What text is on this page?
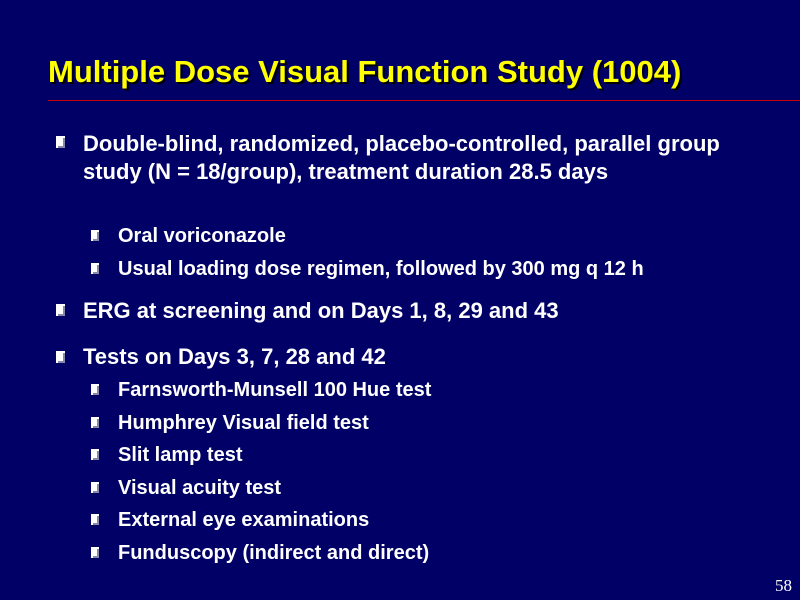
Multiple Dose Visual Function Study (1004)
Double-blind, randomized, placebo-controlled, parallel group study (N = 18/group), treatment duration 28.5 days
Oral voriconazole
Usual loading dose regimen, followed by 300 mg q 12 h
ERG at screening and on Days 1, 8, 29 and 43
Tests on Days 3, 7, 28 and 42
Farnsworth-Munsell 100 Hue test
Humphrey Visual field test
Slit lamp test
Visual acuity test
External eye examinations
Funduscopy (indirect and direct)
58
